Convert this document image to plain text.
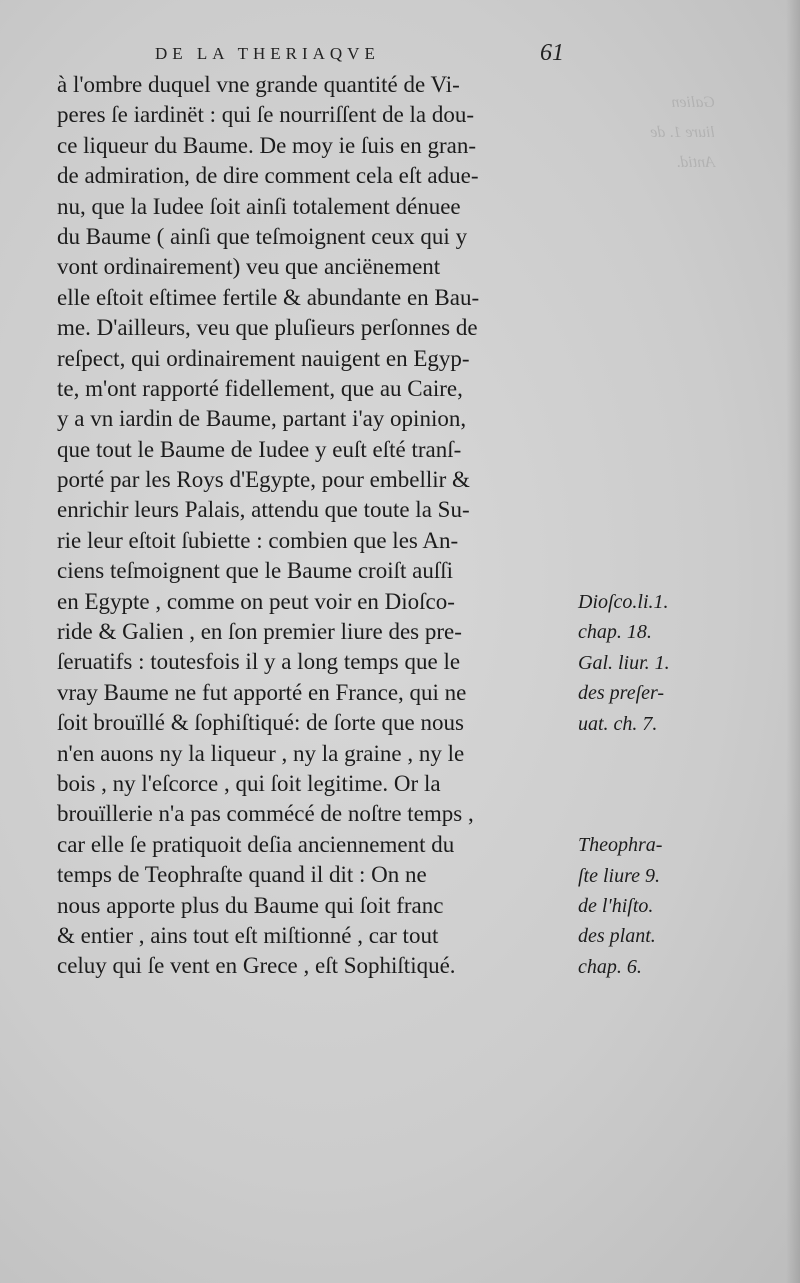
DE LA THERIAQVE	61
Galien
liure 1. de
Antid.
à l'ombre duquel vne grande quantité de Vi-
peres ſe iardinët : qui ſe nourriſſent de la dou-
ce liqueur du Baume. De moy ie ſuis en gran-
de admiration, de dire comment cela eſt adue-
nu, que la Iudee ſoit ainſi totalement dénuee
du Baume ( ainſi que teſmoignent ceux qui y
vont ordinairement) veu que anciënement
elle eſtoit eſtimee fertile & abundante en Bau-
me. D'ailleurs, veu que pluſieurs perſonnes de
reſpect, qui ordinairement nauigent en Egyp-
te, m'ont rapporté fidellement, que au Caire,
y a vn iardin de Baume, partant i'ay opinion,
que tout le Baume de Iudee y euſt eſté tranſ-
porté par les Roys d'Egypte, pour embellir &
enrichir leurs Palais, attendu que toute la Su-
rie leur eſtoit ſubiette : combien que les An-
ciens teſmoignent que le Baume croiſt auſſi
en Egypte , comme on peut voir en Dioſco-
ride & Galien , en ſon premier liure des pre-
ſeruatifs : toutesfois il y a long temps que le
vray Baume ne fut apporté en France, qui ne
ſoit brouïllé & ſophiſtiqué: de ſorte que nous
n'en auons ny la liqueur , ny la graine , ny le
bois , ny l'eſcorce , qui ſoit legitime. Or la
brouïllerie n'a pas commécé de noſtre temps ,
car elle ſe pratiquoit deſia anciennement du
temps de Teophraſte quand il dit : On ne
nous apporte plus du Baume qui ſoit franc
& entier , ains tout eſt miſtionné , car tout
celuy qui ſe vent en Grece , eſt Sophiſtiqué.
Dioſco.li.1.
chap. 18.
Gal. liur. 1.
des preſer-
uat. ch. 7.
Theophra-
ſte liure 9.
de l'hiſto.
des plant.
chap. 6.
